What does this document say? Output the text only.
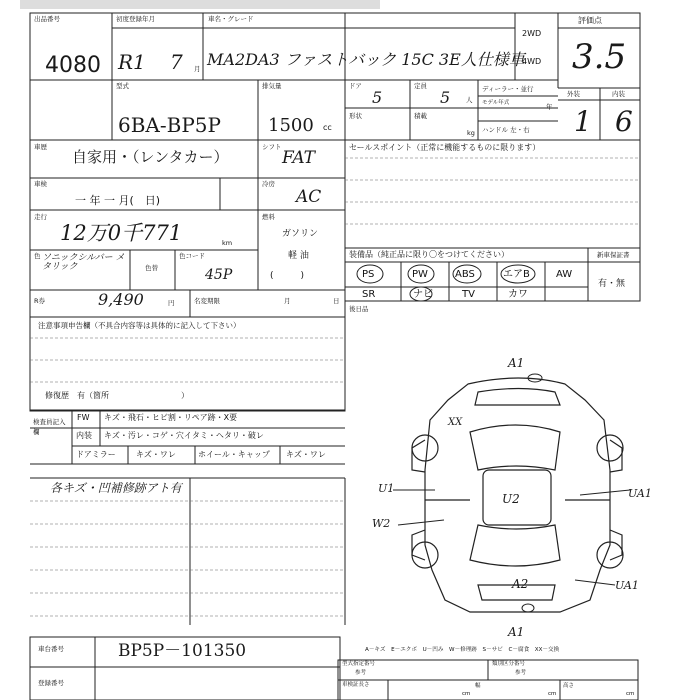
出品番号
4080
初度登録年月
R1 7 月
車名・グレード
MA2DA3 ファストバック 15C 3E人仕様車
2WD
4WD
評価点
3.5
外装	内装
1 6
型式
6BA-BP5P
排気量
1500 cc
ドア
5
定員
5 人
形状	積載
kg
ディーラー・並行
モデル年式	年
ハンドル 左・右
車歴
自家用・（レンタカー）
シフト
FAT
セールスポイント（正常に機能するものに限ります）
車検
一 年 一 月(　日)
冷房
AC
走行
12万0千771	km
燃料
ガソリン
軽 油
(　　　)
色 ソニックシルバー メタリック	色替
色コード
45P
R券	9,490	円	名変期限	月	日
注意事項申告欄（不具合内容等は具体的に記入して下さい）
修復歴　有（箇所　　　　　　　　　）
検査員記入欄
FW キズ・飛石・ヒビ割・リペア跡・X要
内装 キズ・汚レ・コゲ・穴イタミ・ヘタリ・破レ
ドアミラー	キズ・ワレ	ホイール・キャップ キズ・ワレ
各キズ・凹補修跡アト有
装備品（純正品に限り〇をつけてください）	新車保証書
PS	PW	ABS	エアB	AW
SR	ナビ	TV	カワ
有・無
後日品
A1
XX
U1
U2
W2
UA1
A2	UA1
A1
A－キズ　E－エクボ　U－凹み　W－修理跡　S－サビ　C－腐食　XX－交換
車台番号	BP5P－101350
登録番号
型式指定番号	類別区分番号
参考	参考
車検証長さ	幅	高さ
cm	cm	cm
